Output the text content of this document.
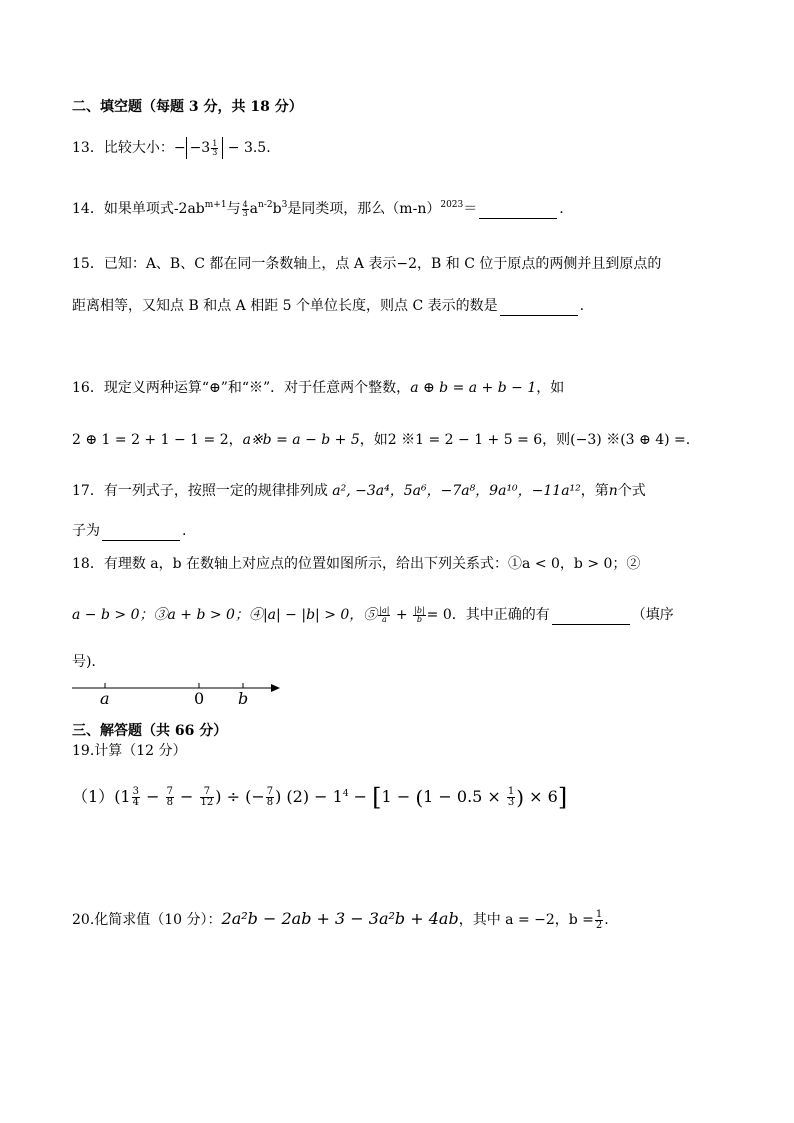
二、填空题（每题 3 分，共 18 分）
13．比较大小：− $-3 \frac{1}{3} - 3.5$.
14．如果单项式$-2ab^{m+1}$与 $\frac{4}{3} a^{n-2}b^3$是同类项，那么$(m-n)^{2023}=$	.
15．已知：A、B、C 都在同一条数轴上，点 A 表示−2，B 和 C 位于原点的两侧并且到原点的
距离相等，又知点 B 和点 A 相距 5 个单位长度，则点 C 表示的数是	.
16．现定义两种运算“⊕”和“※”．对于任意两个整数，a ⊕ b = a + b − 1，如
2 ⊕ 1 = 2 + 1 − 1 = 2，a※b = a − b + 5，如2 ※1 = 2 − 1 + 5 = 6，则(−3) ※(3 ⊕ 4) =.
17．有一列式子，按照一定的规律排列成 a², −3a⁴，5a⁶，−7a⁸，9a¹⁰，−11a¹²，第n个式
子为	.
18．有理数 a，b 在数轴上对应点的位置如图所示，给出下列关系式：①a < 0，b > 0；②
a − b > 0；③a + b > 0；④|a| − |b| > 0，⑤ $\frac{|a|}{a} + \frac{|b|}{b} = 0$．其中正确的有	（填序
号)．
a	0 b
三、解答题（共 66 分）
19.计算（12 分）
$(1)(1 \frac{3}{4} - \frac{7}{8} - \frac{7}{12}$ ) ÷ (− $\frac{7}{8}$ ) $(2) - 1^4 - [1 - (1 - 0.5 \times \frac{1}{3}$ ) × 6]
20.化简求值（10 分）：2a²b − 2ab + 3 − 3a²b + 4ab，其中 a = −2，$b = \frac{1}{2}$ .
